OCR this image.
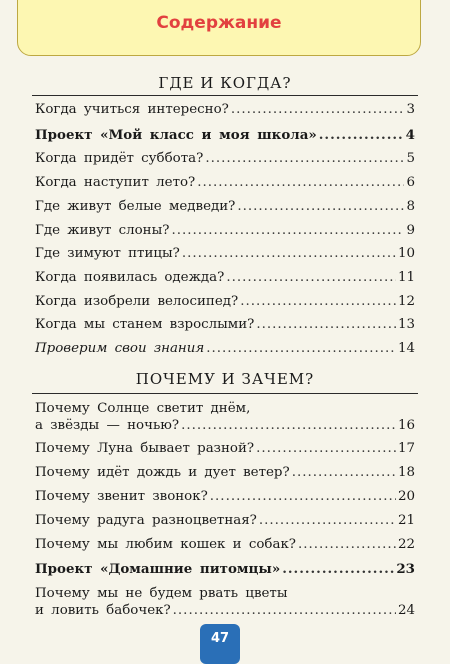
Содержание
ГДЕ И КОГДА?
Когда учиться интересно? .....	3
Проект «Мой класс и моя школа» .....	4
Когда придёт суббота? .....	5
Когда наступит лето? .....	6
Где живут белые медведи? .....	8
Где живут слоны? .....	9
Где зимуют птицы? .....	10
Когда появилась одежда? .....	11
Когда изобрели велосипед? .....	12
Когда мы станем взрослыми? .....	13
Проверим свои знания .....	14
ПОЧЕМУ И ЗАЧЕМ?
Почему Солнце светит днём,
а звёзды — ночью? .....	16
Почему Луна бывает разной? .....	17
Почему идёт дождь и дует ветер? .....	18
Почему звенит звонок? .....	20
Почему радуга разноцветная? .....	21
Почему мы любим кошек и собак? .....	22
Проект «Домашние питомцы» .....	23
Почему мы не будем рвать цветы
и ловить бабочек? .....	24
47
